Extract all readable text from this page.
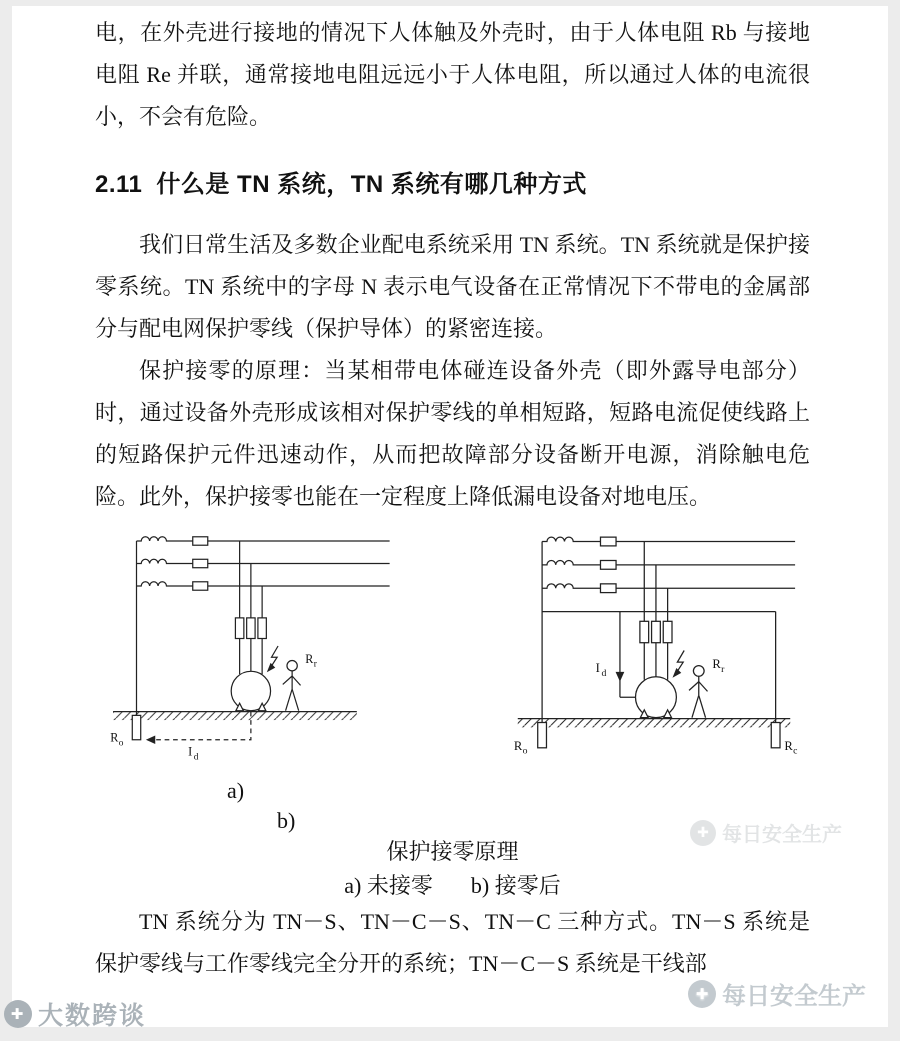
电，在外壳进行接地的情况下人体触及外壳时，由于人体电阻 Rb 与接地电阻 Re 并联，通常接地电阻远远小于人体电阻，所以通过人体的电流很小，不会有危险。

2.11 什么是 TN 系统，TN 系统有哪几种方式

我们日常生活及多数企业配电系统采用 TN 系统。TN 系统就是保护接零系统。TN 系统中的字母 N 表示电气设备在正常情况下不带电的金属部分与配电网保护零线（保护导体）的紧密连接。

保护接零的原理：当某相带电体碰连设备外壳（即外露导电部分）时，通过设备外壳形成该相对保护零线的单相短路，短路电流促使线路上的短路保护元件迅速动作，从而把故障部分设备断开电源，消除触电危险。此外，保护接零也能在一定程度上降低漏电设备对地电压。

R o
I d
R r	I d
R o	R c
R r
a)
b)
保护接零原理
a) 未接零 b) 接零后

TN 系统分为 TN－S、TN－C－S、TN－C 三种方式。TN－S 系统是保护零线与工作零线完全分开的系统；TN－C－S 系统是干线部

✚ 每日安全生产
✚ 每日安全生产
✚ 大数跨谈
